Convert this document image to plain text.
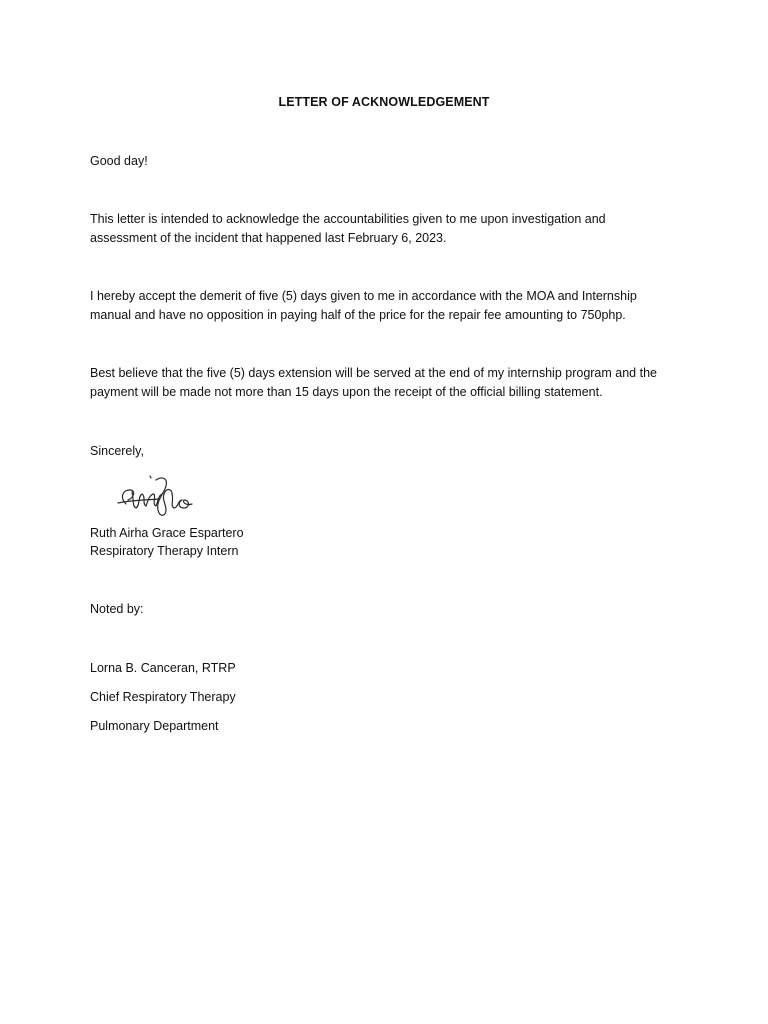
LETTER OF ACKNOWLEDGEMENT
Good day!
This letter is intended to acknowledge the accountabilities given to me upon investigation and
assessment of the incident that happened last February 6, 2023.
I hereby accept the demerit of five (5) days given to me in accordance with the MOA and Internship
manual and have no opposition in paying half of the price for the repair fee amounting to 750php.
Best believe that the five (5) days extension will be served at the end of my internship program and the
payment will be made not more than 15 days upon the receipt of the official billing statement.
Sincerely,
Ruth Airha Grace Espartero
Respiratory Therapy Intern
Noted by:
Lorna B. Canceran, RTRP
Chief Respiratory Therapy
Pulmonary Department
